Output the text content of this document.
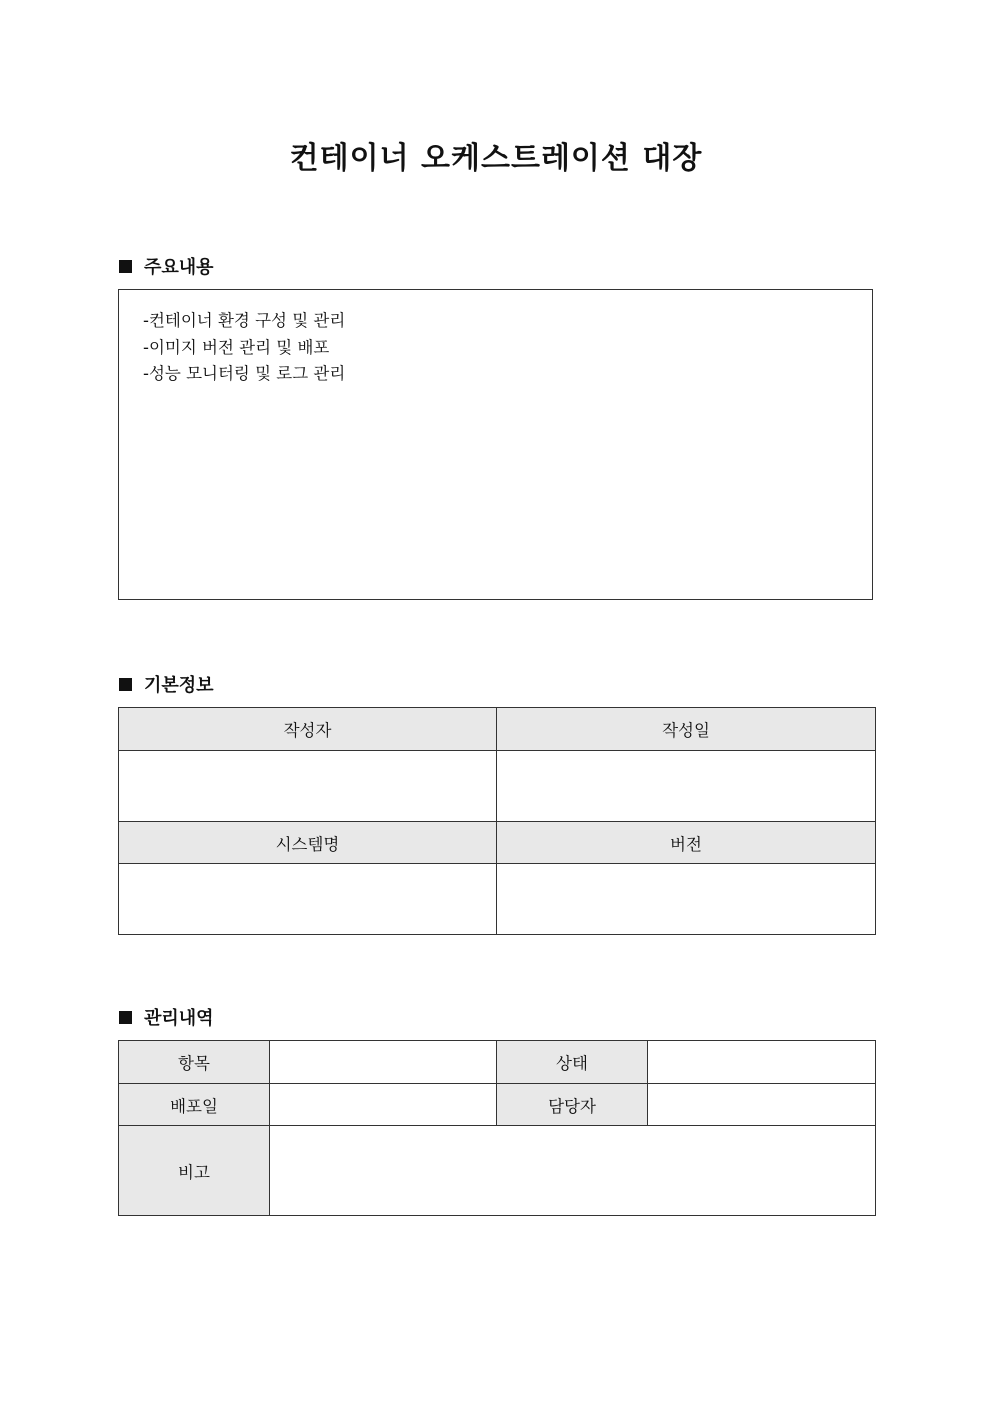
컨테이너 오케스트레이션 대장
주요내용
-컨테이너 환경 구성 및 관리
-이미지 버전 관리 및 배포
-성능 모니터링 및 로그 관리
기본정보
작성자	작성일

시스템명	버전

관리내역
항목		상태	
배포일		담당자	
비고			
